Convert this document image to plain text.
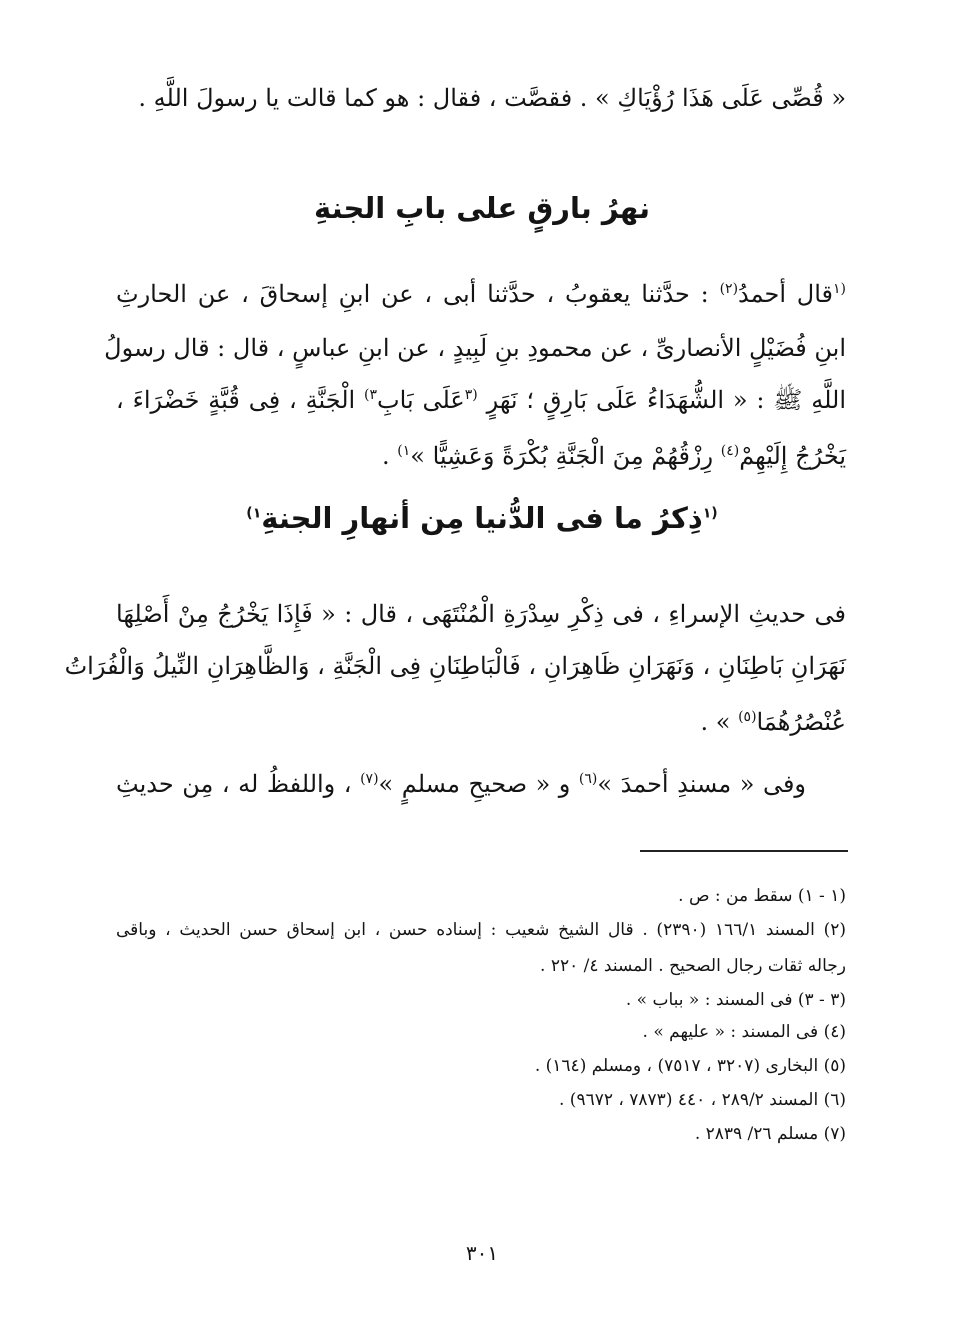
« قُصِّى عَلَى هَذَا رُؤْيَاكِ » . فقصَّت ، فقال : هو كما قالت يا رسولَ اللَّهِ .
نهرُ بارقٍ على بابِ الجنةِ
$^{(١}$قال أحمدُ$^{(٢)}$ : حدَّثنا يعقوبُ ، حدَّثنا أبى ، عن ابنِ إسحاقَ ، عن الحارثِ
ابنِ فُضَيْلٍ الأنصارىِّ ، عن محمودِ بنِ لَبِيدٍ ، عن ابنِ عباسٍ ، قال : قال رسولُ
اللَّهِ ﷺ : « الشُّهَدَاءُ عَلَى بَارِقٍ ؛ نَهَرٍ $^{(٣}$عَلَى بَابِ$^{٣)}$ الْجَنَّةِ ، فِى قُبَّةٍ خَضْرَاءَ ،
يَخْرُجُ إِلَيْهِمْ$^{(٤)}$ رِزْقُهُمْ مِنَ الْجَنَّةِ بُكْرَةً وَعَشِيًّا »$^{١)}$ .
$^{(١}$ذِكرُ ما فى الدُّنيا مِن أنهارِ الجنةِ$^{١)}$
فى حديثِ الإسراءِ ، فى ذِكْرِ سِدْرَةِ الْمُنْتَهَى ، قال : « فَإِذَا يَخْرُجُ مِنْ أَصْلِهَا
نَهَرَانِ بَاطِنَانِ ، وَنَهَرَانِ ظَاهِرَانِ ، فَالْبَاطِنَانِ فِى الْجَنَّةِ ، وَالظَّاهِرَانِ النِّيلُ وَالْفُرَاتُ
عُنْصُرُهُمَا$^{(٥)}$ » .
وفى « مسندِ أحمدَ »$^{(٦)}$ و « صحيحِ مسلمٍ »$^{(٧)}$ ، واللفظُ له ، مِن حديثِ
(١ - ١) سقط من : ص .
(٢) المسند ١٦٦/١ (٢٣٩٠) . قال الشيخ شعيب : إسناده حسن ، ابن إسحاق حسن الحديث ، وباقى
رجاله ثقات رجال الصحيح . المسند ٤/ ٢٢٠ .
(٣ - ٣) فى المسند : « بباب » .
(٤) فى المسند : « عليهم » .
(٥) البخارى (٣٢٠٧ ، ٧٥١٧) ، ومسلم (١٦٤) .
(٦) المسند ٢٨٩/٢ ، ٤٤٠ (٧٨٧٣ ، ٩٦٧٢) .
(٧) مسلم ٢٦/ ٢٨٣٩ .
٣٠١
